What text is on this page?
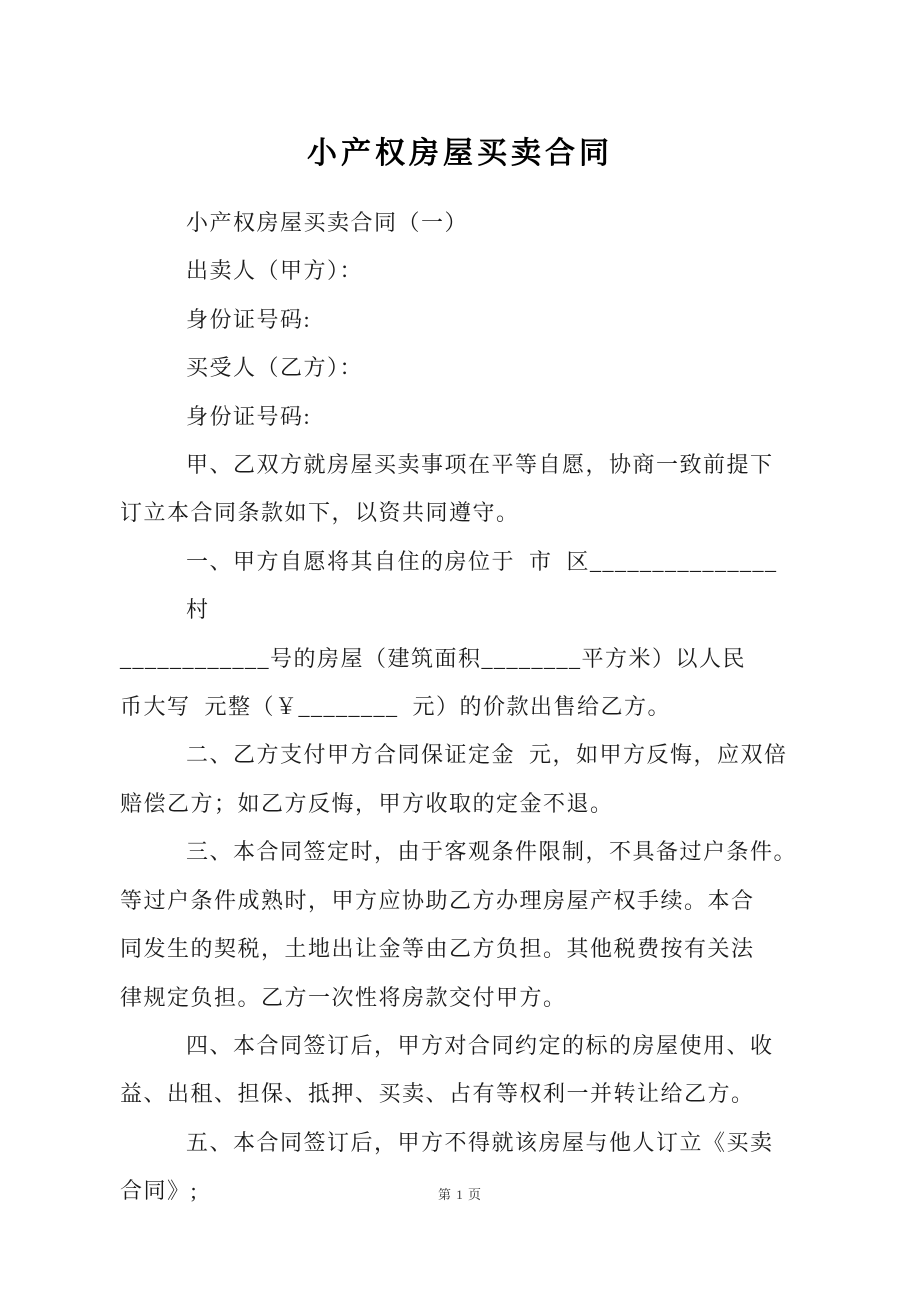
小产权房屋买卖合同
小产权房屋买卖合同（一）
出卖人（甲方）：
身份证号码:
买受人（乙方）：
身份证号码:
甲、乙双方就房屋买卖事项在平等自愿，协商一致前提下
订立本合同条款如下，以资共同遵守。
一、甲方自愿将其自住的房位于  市  区_______________村
____________号的房屋（建筑面积________平方米）以人民
币大写  元整（￥________  元）的价款出售给乙方。
二、乙方支付甲方合同保证定金  元，如甲方反悔，应双倍
赔偿乙方；如乙方反悔，甲方收取的定金不退。
三、本合同签定时，由于客观条件限制，不具备过户条件。
等过户条件成熟时，甲方应协助乙方办理房屋产权手续。本合
同发生的契税，土地出让金等由乙方负担。其他税费按有关法
律规定负担。乙方一次性将房款交付甲方。
四、本合同签订后，甲方对合同约定的标的房屋使用、收
益、出租、担保、抵押、买卖、占有等权利一并转让给乙方。
五、本合同签订后，甲方不得就该房屋与他人订立《买卖
合同》;	第 1 页
